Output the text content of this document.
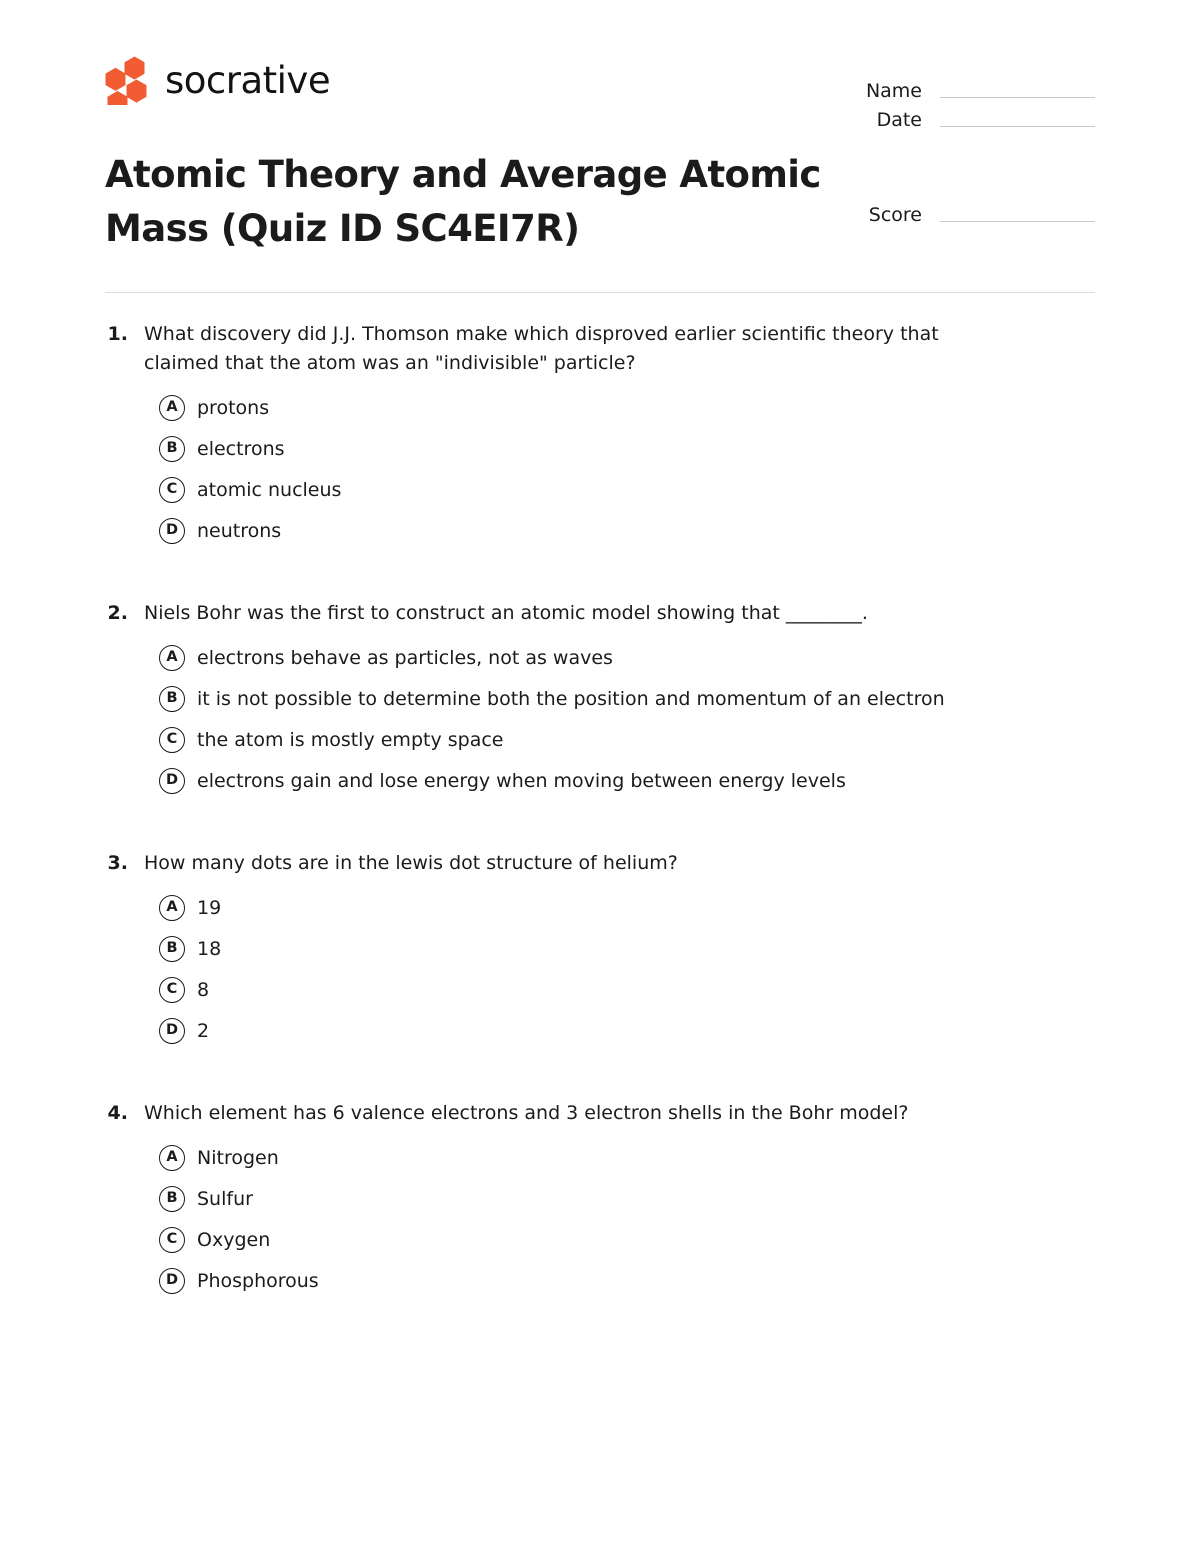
socrative
Atomic Theory and Average Atomic Mass (Quiz ID SC4EI7R)
Name
Date
Score
1. What discovery did J.J. Thomson make which disproved earlier scientific theory that claimed that the atom was an "indivisible" particle?
A	protons
B	electrons
C	atomic nucleus
D neutrons
2. Niels Bohr was the first to construct an atomic model showing that ________.
A	electrons behave as particles, not as waves
B	it is not possible to determine both the position and momentum of an electron
C	the atom is mostly empty space
D electrons gain and lose energy when moving between energy levels
3. How many dots are in the lewis dot structure of helium?
A	19
B	18
C	8
D 2
4. Which element has 6 valence electrons and 3 electron shells in the Bohr model?
A	Nitrogen
B	Sulfur
C	Oxygen
D Phosphorous
